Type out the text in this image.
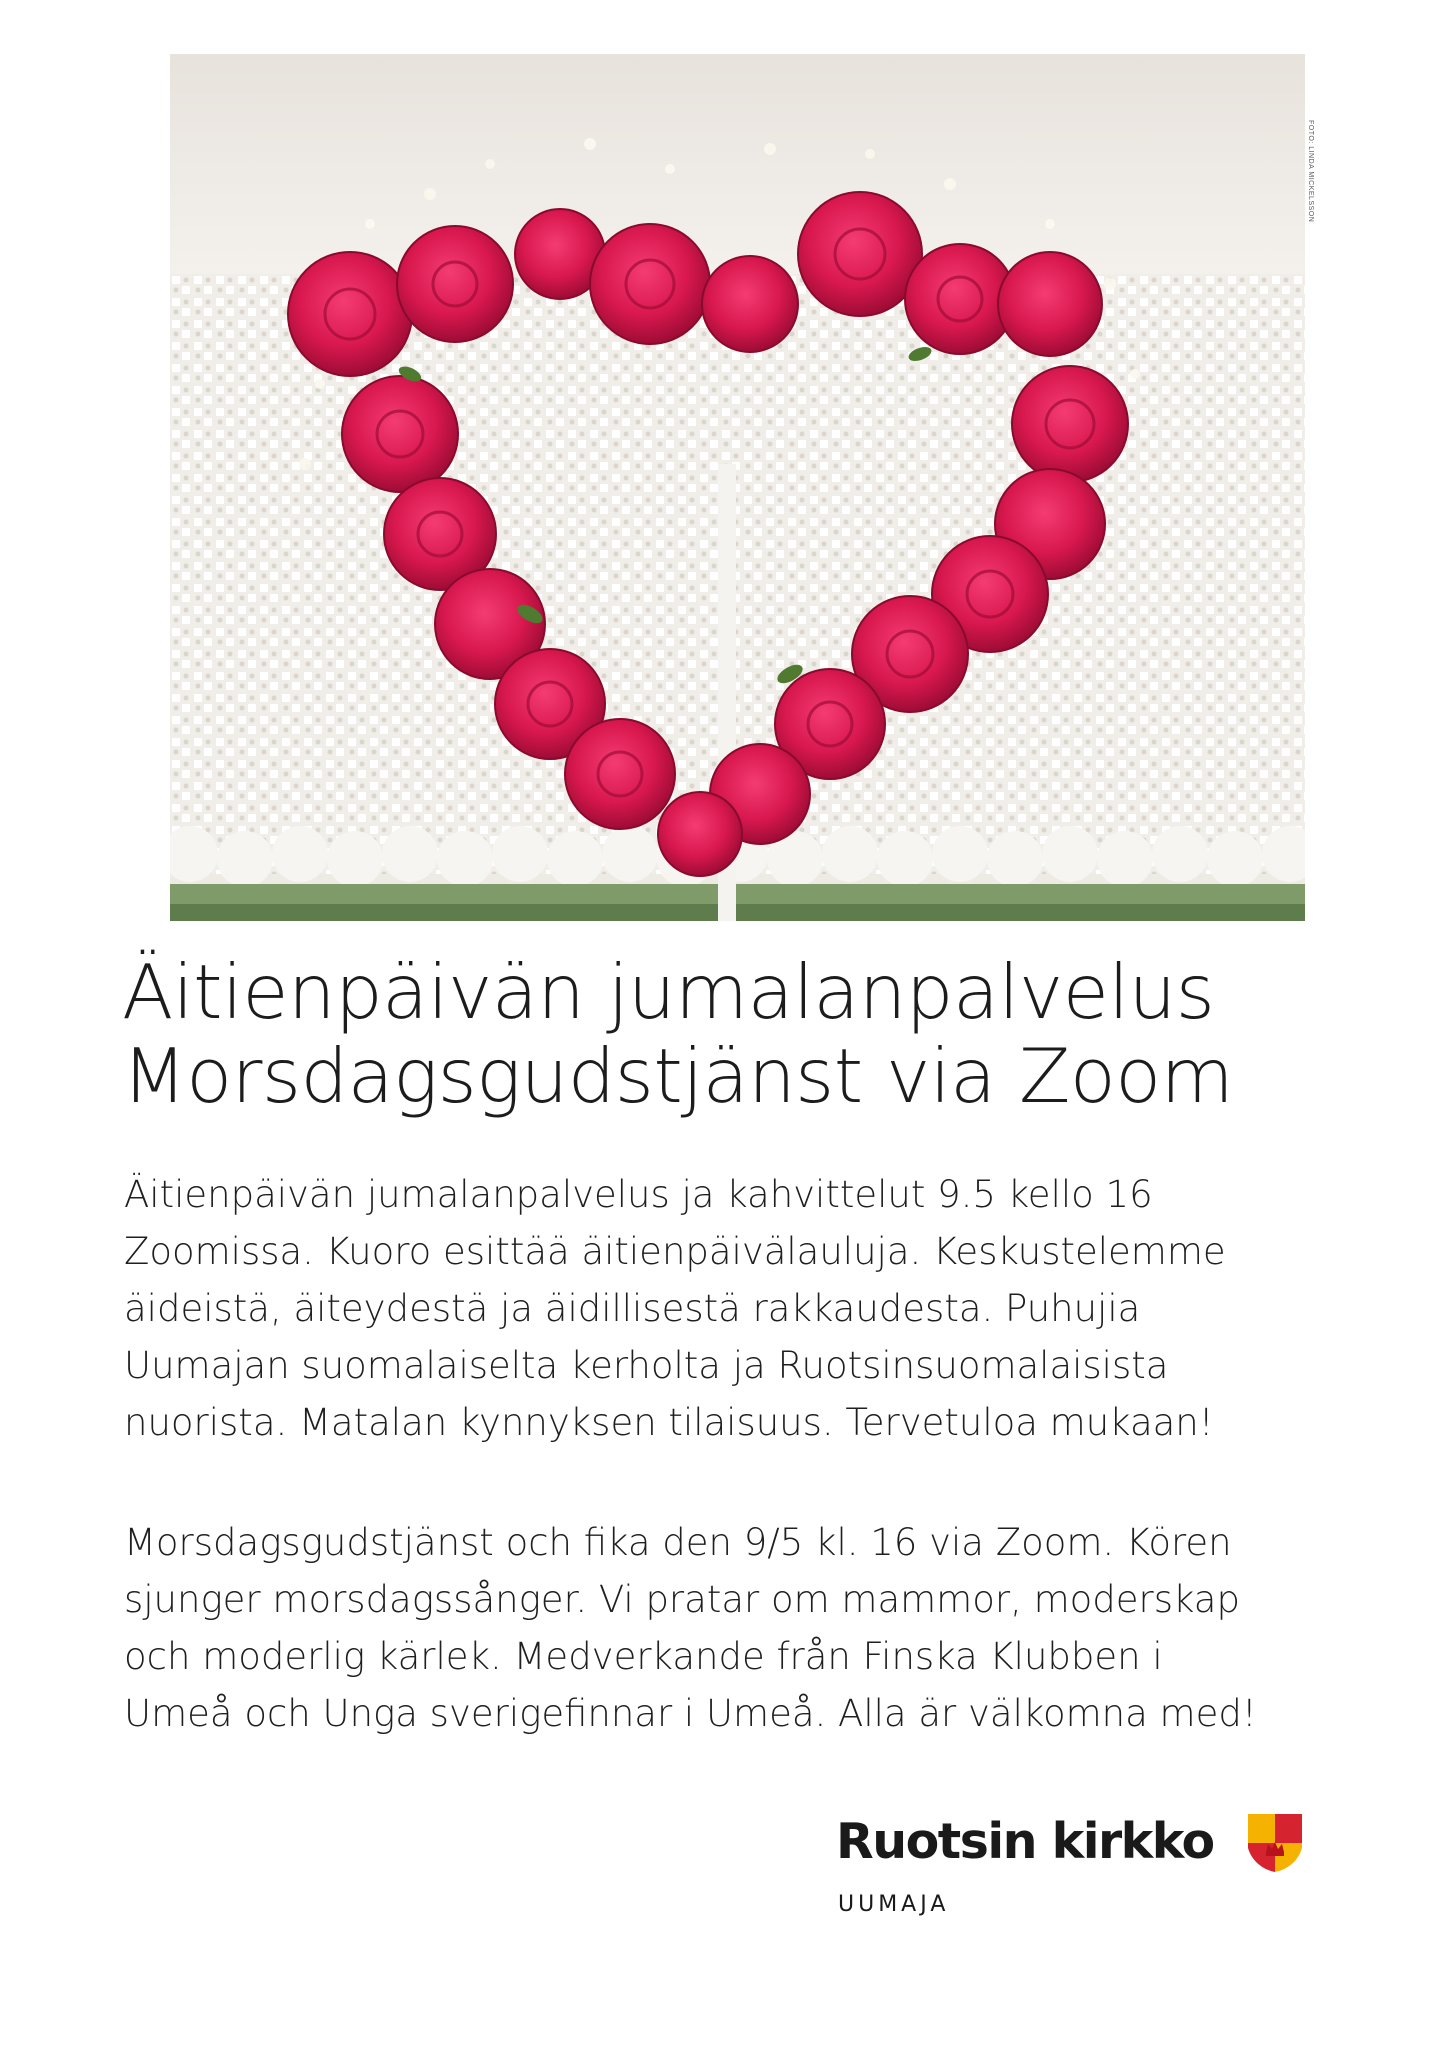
FOTO: LINDA MICKELSSON
Äitienpäivän jumalanpalvelus
Morsdagsgudstjänst via Zoom

Äitienpäivän jumalanpalvelus ja kahvittelut 9.5 kello 16
Zoomissa. Kuoro esittää äitienpäivälauluja. Keskustelemme
äideistä, äiteydestä ja äidillisestä rakkaudesta. Puhujia
Uumajan suomalaiselta kerholta ja Ruotsinsuomalaisista
nuorista. Matalan kynnyksen tilaisuus. Tervetuloa mukaan!

Morsdagsgudstjänst och fika den 9/5 kl. 16 via Zoom. Kören
sjunger morsdagssånger. Vi pratar om mammor, moderskap
och moderlig kärlek. Medverkande från Finska Klubben i
Umeå och Unga sverigefinnar i Umeå. Alla är välkomna med!

Ruotsin kirkko
UUMAJA
